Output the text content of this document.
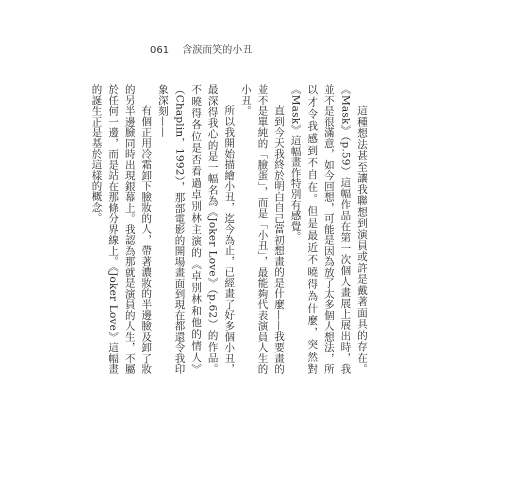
061 含淚而笑的小丑

這種想法甚至讓我聯想到演員或許是戴著面具的存在。《Mask》（p.59）這幅作品在第一次個人畫展上展出時，我並不是很滿意，如今回想，可能是因為放了太多個人想法，所以才令我感到不自在。但是最近不曉得為什麼，突然對《Mask》這幅畫作特別有感覺。

直到今天我終於明白自己當初想畫的是什麼——我要畫的並不是單純的「臉蛋」，而是「小丑」，最能夠代表演員人生的小丑。

所以我開始描繪小丑，迄今為止，已經畫了好多個小丑，最深得我心的是一幅名為《Joker Love》（p.62）的作品。不曉得各位是否看過卓別林主演的《卓別林和他的情人》（Chaplin，1992），那部電影的開場畫面到現在都還令我印象深刻——

有個正用冷霜卸下臉妝的人，帶著濃妝的半邊臉及卸了妝的另半邊臉同時出現銀幕上。我認為那就是演員的人生，不屬於任何一邊，而是站在那條分界線上。《Joker Love》這幅畫的誕生正是基於這樣的概念。
